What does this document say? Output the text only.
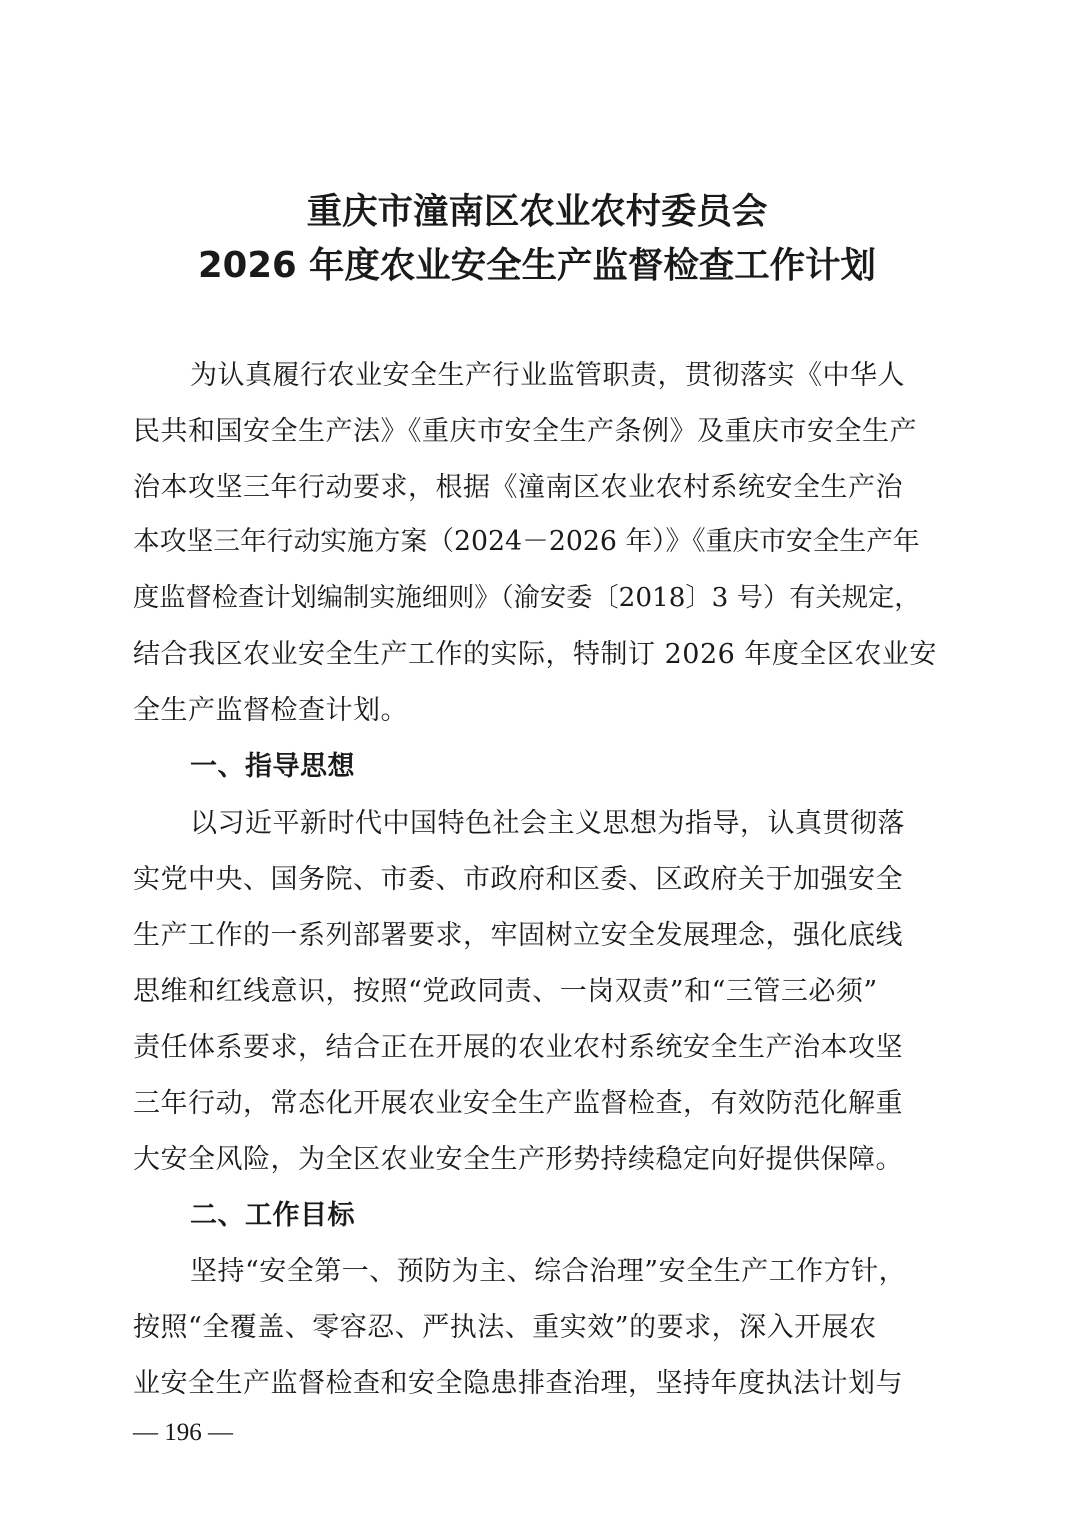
重庆市潼南区农业农村委员会
2026 年度农业安全生产监督检查工作计划
为认真履行农业安全生产行业监管职责，贯彻落实《中华人
民共和国安全生产法》《重庆市安全生产条例》及重庆市安全生产
治本攻坚三年行动要求，根据《潼南区农业农村系统安全生产治
本攻坚三年行动实施方案（2024－2026 年）》《重庆市安全生产年
度监督检查计划编制实施细则》（渝安委〔2018〕3 号）有关规定，
结合我区农业安全生产工作的实际，特制订 2026 年度全区农业安
全生产监督检查计划。
一、指导思想
以习近平新时代中国特色社会主义思想为指导，认真贯彻落
实党中央、国务院、市委、市政府和区委、区政府关于加强安全
生产工作的一系列部署要求，牢固树立安全发展理念，强化底线
思维和红线意识，按照“党政同责、一岗双责”和“三管三必须”
责任体系要求，结合正在开展的农业农村系统安全生产治本攻坚
三年行动，常态化开展农业安全生产监督检查，有效防范化解重
大安全风险，为全区农业安全生产形势持续稳定向好提供保障。
二、工作目标
坚持“安全第一、预防为主、综合治理”安全生产工作方针，
按照“全覆盖、零容忍、严执法、重实效”的要求，深入开展农
业安全生产监督检查和安全隐患排查治理，坚持年度执法计划与
— 196 —
